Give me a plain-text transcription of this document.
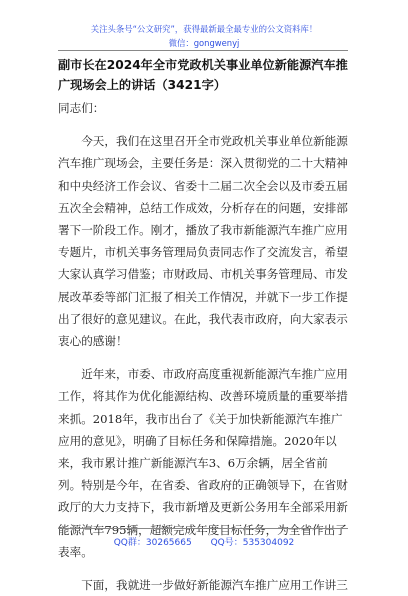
关注头条号“公文研究”，获得最新最全最专业的公文资料库！ 微信：gongwenyj
副市长在2024年全市党政机关事业单位新能源汽车推广现场会上的讲话（3421字）

同志们：

今天，我们在这里召开全市党政机关事业单位新能源汽车推广现场会，主要任务是：深入贯彻党的二十大精神和中央经济工作会议、省委十二届二次全会以及市委五届五次全会精神，总结工作成效，分析存在的问题，安排部署下一阶段工作。刚才，播放了我市新能源汽车推广应用专题片，市机关事务管理局负责同志作了交流发言，希望大家认真学习借鉴；市财政局、市机关事务管理局、市发展改革委等部门汇报了相关工作情况，并就下一步工作提出了很好的意见建议。在此，我代表市政府，向大家表示衷心的感谢！

近年来，市委、市政府高度重视新能源汽车推广应用工作，将其作为优化能源结构、改善环境质量的重要举措来抓。2018年，我市出台了《关于加快新能源汽车推广应用的意见》，明确了目标任务和保障措施。2020年以来，我市累计推广新能源汽车3、6万余辆，居全省前列。特别是今年，在省委、省政府的正确领导下，在省财政厅的大力支持下，我市新增及更新公务用车全部采用新能源汽车795辆，超额完成年度目标任务，为全省作出了表率。

下面，我就进一步做好新能源汽车推广应用工作讲三

QQ群：30265665 QQ号：535304092
